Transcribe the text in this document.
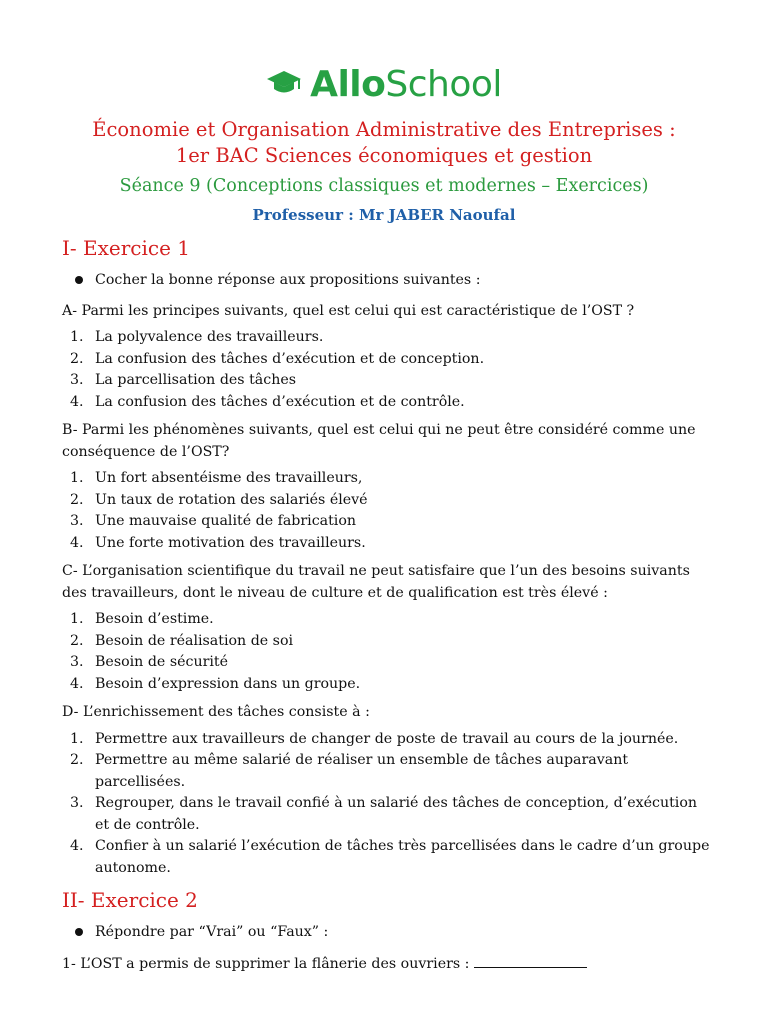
AlloSchool
Économie et Organisation Administrative des Entreprises : 1er BAC Sciences économiques et gestion
Séance 9 (Conceptions classiques et modernes – Exercices)
Professeur : Mr JABER Naoufal
I- Exercice 1
Cocher la bonne réponse aux propositions suivantes :
A- Parmi les principes suivants, quel est celui qui est caractéristique de l’OST ?
1. La polyvalence des travailleurs.
2. La confusion des tâches d’exécution et de conception.
3. La parcellisation des tâches
4. La confusion des tâches d’exécution et de contrôle.
B- Parmi les phénomènes suivants, quel est celui qui ne peut être considéré comme une conséquence de l’OST?
1. Un fort absentéisme des travailleurs,
2. Un taux de rotation des salariés élevé
3. Une mauvaise qualité de fabrication
4. Une forte motivation des travailleurs.
C- L’organisation scientifique du travail ne peut satisfaire que l’un des besoins suivants des travailleurs, dont le niveau de culture et de qualification est très élevé :
1. Besoin d’estime.
2. Besoin de réalisation de soi
3. Besoin de sécurité
4. Besoin d’expression dans un groupe.
D- L’enrichissement des tâches consiste à :
1. Permettre aux travailleurs de changer de poste de travail au cours de la journée.
2. Permettre au même salarié de réaliser un ensemble de tâches auparavant parcellisées.
3. Regrouper, dans le travail confié à un salarié des tâches de conception, d’exécution et de contrôle.
4. Confier à un salarié l’exécution de tâches très parcellisées dans le cadre d’un groupe autonome.
II- Exercice 2
Répondre par “Vrai” ou “Faux” :
1- L’OST a permis de supprimer la flânerie des ouvriers :
